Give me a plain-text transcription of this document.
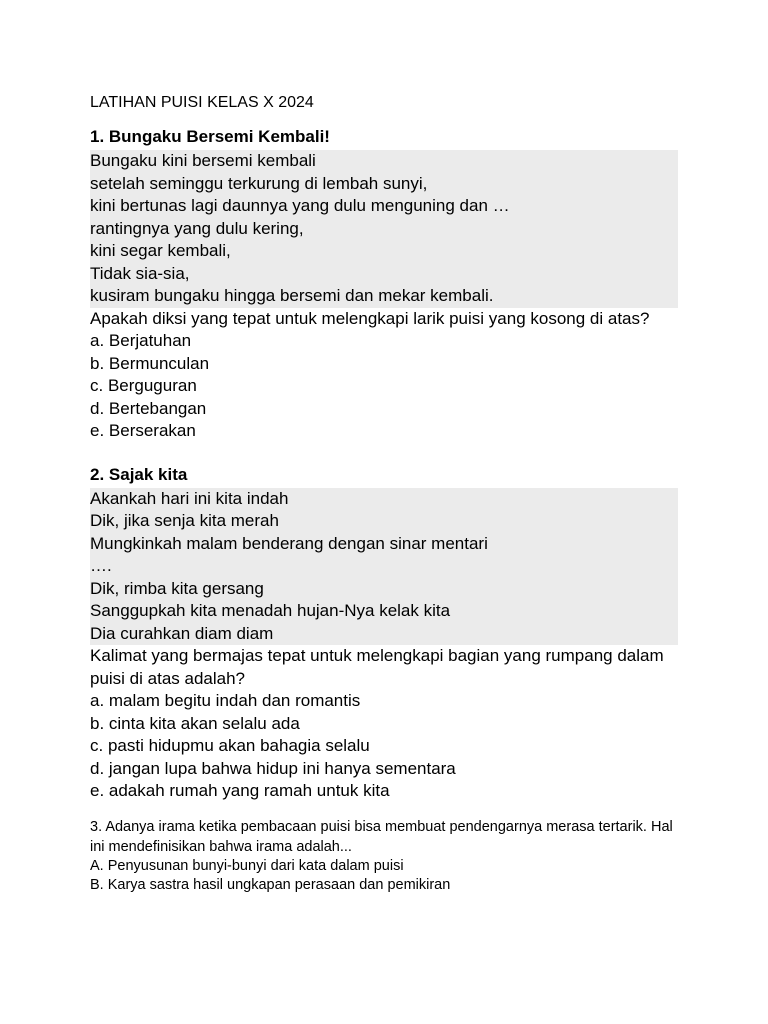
LATIHAN PUISI KELAS X 2024
1. Bungaku Bersemi Kembali!
Bungaku kini bersemi kembali
setelah seminggu terkurung di lembah sunyi,
kini bertunas lagi daunnya yang dulu menguning dan …
rantingnya yang dulu kering,
kini segar kembali,
Tidak sia-sia,
kusiram bungaku hingga bersemi dan mekar kembali.
Apakah diksi yang tepat untuk melengkapi larik puisi yang kosong di atas?
a. Berjatuhan
b. Bermunculan
c. Berguguran
d. Bertebangan
e. Berserakan
2. Sajak kita
Akankah hari ini kita indah
Dik, jika senja kita merah
Mungkinkah malam benderang dengan sinar mentari
….
Dik, rimba kita gersang
Sanggupkah kita menadah hujan-Nya kelak kita
Dia curahkan diam diam
Kalimat yang bermajas tepat untuk melengkapi bagian yang rumpang dalam puisi di atas adalah?
a. malam begitu indah dan romantis
b. cinta kita akan selalu ada
c. pasti hidupmu akan bahagia selalu
d. jangan lupa bahwa hidup ini hanya sementara
e. adakah rumah yang ramah untuk kita
3. Adanya irama ketika pembacaan puisi bisa membuat pendengarnya merasa tertarik. Hal ini mendefinisikan bahwa irama adalah...
A. Penyusunan bunyi-bunyi dari kata dalam puisi
B. Karya sastra hasil ungkapan perasaan dan pemikiran
